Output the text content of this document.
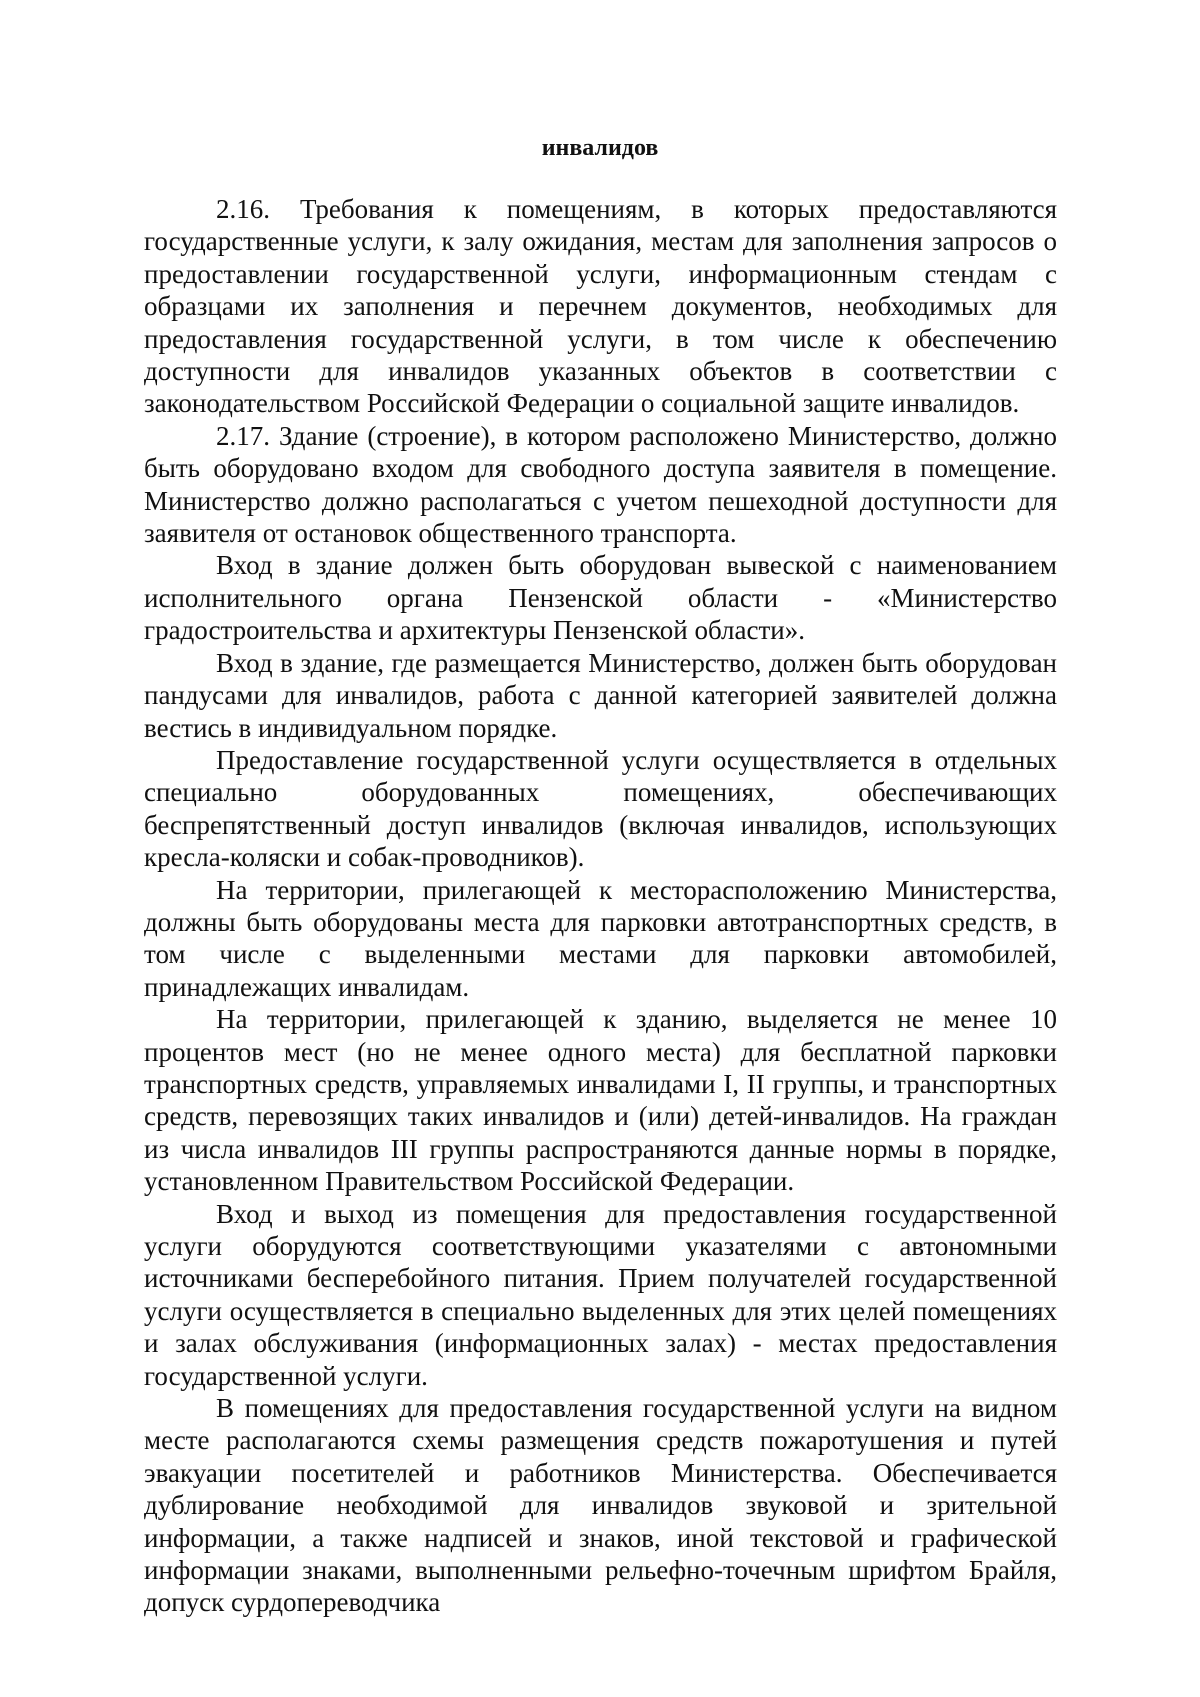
инвалидов

2.16. Требования к помещениям, в которых предоставляются государственные услуги, к залу ожидания, местам для заполнения запросов о предоставлении государственной услуги, информационным стендам с образцами их заполнения и перечнем документов, необходимых для предоставления государственной услуги, в том числе к обеспечению доступности для инвалидов указанных объектов в соответствии с законодательством Российской Федерации о социальной защите инвалидов.

2.17. Здание (строение), в котором расположено Министерство, должно быть оборудовано входом для свободного доступа заявителя в помещение. Министерство должно располагаться с учетом пешеходной доступности для заявителя от остановок общественного транспорта.

Вход в здание должен быть оборудован вывеской с наименованием исполнительного органа Пензенской области - «Министерство градостроительства и архитектуры Пензенской области».

Вход в здание, где размещается Министерство, должен быть оборудован пандусами для инвалидов, работа с данной категорией заявителей должна вестись в индивидуальном порядке.

Предоставление государственной услуги осуществляется в отдельных специально оборудованных помещениях, обеспечивающих беспрепятственный доступ инвалидов (включая инвалидов, использующих кресла-коляски и собак-проводников).

На территории, прилегающей к месторасположению Министерства, должны быть оборудованы места для парковки автотранспортных средств, в том числе с выделенными местами для парковки автомобилей, принадлежащих инвалидам.

На территории, прилегающей к зданию, выделяется не менее 10 процентов мест (но не менее одного места) для бесплатной парковки транспортных средств, управляемых инвалидами I, II группы, и транспортных средств, перевозящих таких инвалидов и (или) детей-инвалидов. На граждан из числа инвалидов III группы распространяются данные нормы в порядке, установленном Правительством Российской Федерации.

Вход и выход из помещения для предоставления государственной услуги оборудуются соответствующими указателями с автономными источниками бесперебойного питания. Прием получателей государственной услуги осуществляется в специально выделенных для этих целей помещениях и залах обслуживания (информационных залах) - местах предоставления государственной услуги.

В помещениях для предоставления государственной услуги на видном месте располагаются схемы размещения средств пожаротушения и путей эвакуации посетителей и работников Министерства. Обеспечивается дублирование необходимой для инвалидов звуковой и зрительной информации, а также надписей и знаков, иной текстовой и графической информации знаками, выполненными рельефно-точечным шрифтом Брайля, допуск сурдопереводчика
